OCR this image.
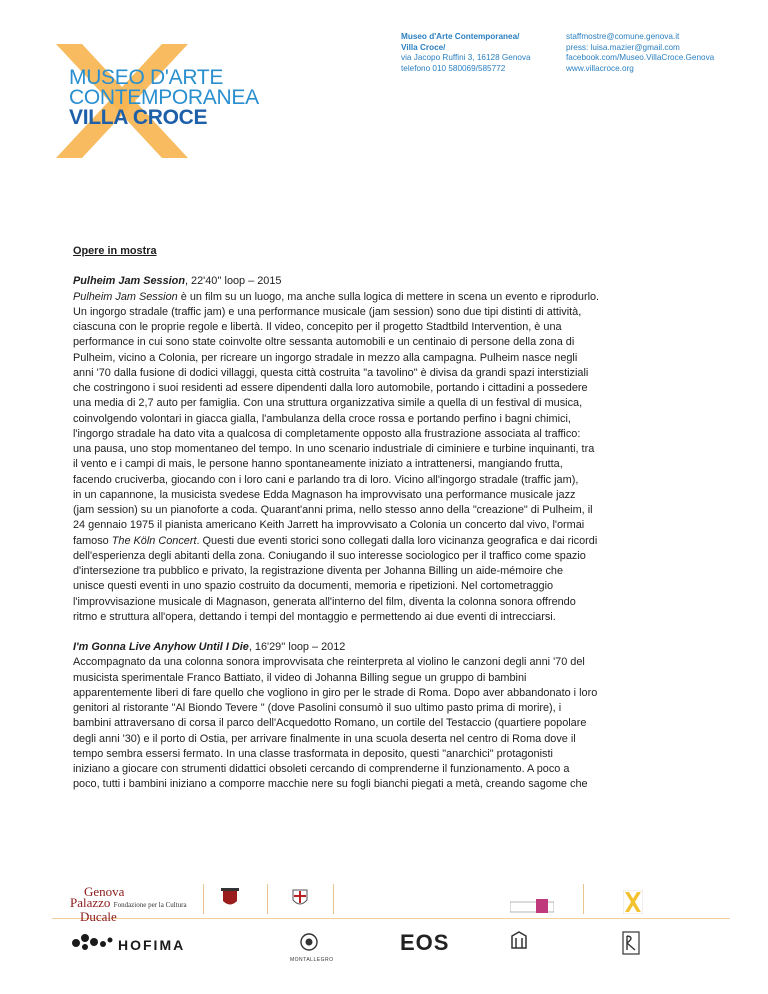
MUSEO D'ARTE
CONTEMPORANEA
VILLA CROCE
Museo d'Arte Contemporanea/
Villa Croce/
via Jacopo Ruffini 3, 16128 Genova
telefono 010 580069/585772
staffmostre@comune.genova.it
press: luisa.mazier@gmail.com
facebook.com/Museo.VillaCroce.Genova
www.villacroce.org
Opere in mostra

Pulheim Jam Session, 22'40'' loop – 2015
Pulheim Jam Session è un film su un luogo, ma anche sulla logica di mettere in scena un evento e riprodurlo.
Un ingorgo stradale (traffic jam) e una performance musicale (jam session) sono due tipi distinti di attività,
ciascuna con le proprie regole e libertà. Il video, concepito per il progetto Stadtbild Intervention, è una
performance in cui sono state coinvolte oltre sessanta automobili e un centinaio di persone della zona di
Pulheim, vicino a Colonia, per ricreare un ingorgo stradale in mezzo alla campagna. Pulheim nasce negli
anni '70 dalla fusione di dodici villaggi, questa città costruita "a tavolino" è divisa da grandi spazi interstiziali
che costringono i suoi residenti ad essere dipendenti dalla loro automobile, portando i cittadini a possedere
una media di 2,7 auto per famiglia. Con una struttura organizzativa simile a quella di un festival di musica,
coinvolgendo volontari in giacca gialla, l'ambulanza della croce rossa e portando perfino i bagni chimici,
l'ingorgo stradale ha dato vita a qualcosa di completamente opposto alla frustrazione associata al traffico:
una pausa, uno stop momentaneo del tempo. In uno scenario industriale di ciminiere e turbine inquinanti, tra
il vento e i campi di mais, le persone hanno spontaneamente iniziato a intrattenersi, mangiando frutta,
facendo cruciverba, giocando con i loro cani e parlando tra di loro. Vicino all'ingorgo stradale (traffic jam),
in un capannone, la musicista svedese Edda Magnason ha improvvisato una performance musicale jazz
(jam session) su un pianoforte a coda. Quarant'anni prima, nello stesso anno della "creazione" di Pulheim, il
24 gennaio 1975 il pianista americano Keith Jarrett ha improvvisato a Colonia un concerto dal vivo, l'ormai
famoso The Köln Concert. Questi due eventi storici sono collegati dalla loro vicinanza geografica e dai ricordi
dell'esperienza degli abitanti della zona. Coniugando il suo interesse sociologico per il traffico come spazio
d'intersezione tra pubblico e privato, la registrazione diventa per Johanna Billing un aide-mémoire che
unisce questi eventi in uno spazio costruito da documenti, memoria e ripetizioni. Nel cortometraggio
l'improvvisazione musicale di Magnason, generata all'interno del film, diventa la colonna sonora offrendo
ritmo e struttura all'opera, dettando i tempi del montaggio e permettendo ai due eventi di intrecciarsi.

I'm Gonna Live Anyhow Until I Die, 16'29'' loop – 2012
Accompagnato da una colonna sonora improvvisata che reinterpreta al violino le canzoni degli anni '70 del
musicista sperimentale Franco Battiato, il video di Johanna Billing segue un gruppo di bambini
apparentemente liberi di fare quello che vogliono in giro per le strade di Roma. Dopo aver abbandonato i loro
genitori al ristorante "Al Biondo Tevere " (dove Pasolini consumò il suo ultimo pasto prima di morire), i
bambini attraversano di corsa il parco dell'Acquedotto Romano, un cortile del Testaccio (quartiere popolare
degli anni '30) e il porto di Ostia, per arrivare finalmente in una scuola deserta nel centro di Roma dove il
tempo sembra essersi fermato. In una classe trasformata in deposito, questi "anarchici" protagonisti
iniziano a giocare con strumenti didattici obsoleti cercando di comprenderne il funzionamento. A poco a
poco, tutti i bambini iniziano a comporre macchie nere su fogli bianchi piegati a metà, creando sagome che

Genova
Palazzo Fondazione per la Cultura
Ducale
HOFIMA
MONTALLEGRO
EOS
